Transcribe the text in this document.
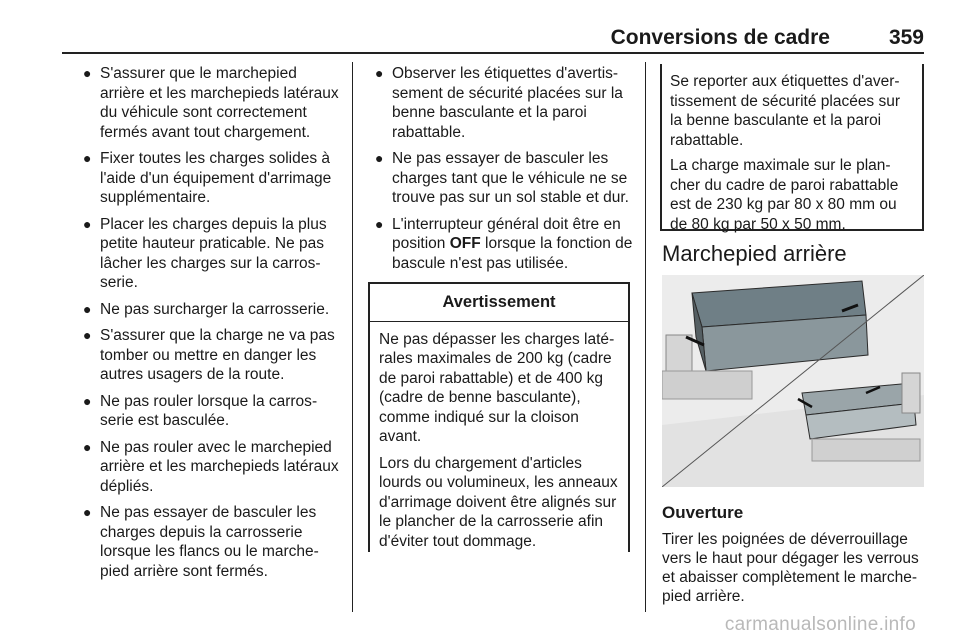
Conversions de cadre	359
● S'assurer que le marchepied arrière et les marchepieds latéraux du véhicule sont correctement fermés avant tout chargement.
● Fixer toutes les charges solides à l'aide d'un équipement d'arrimage supplémentaire.
● Placer les charges depuis la plus petite hauteur praticable. Ne pas lâcher les charges sur la carrosserie.
● Ne pas surcharger la carrosserie.
● S'assurer que la charge ne va pas tomber ou mettre en danger les autres usagers de la route.
● Ne pas rouler lorsque la carrosserie est basculée.
● Ne pas rouler avec le marchepied arrière et les marchepieds latéraux dépliés.
● Ne pas essayer de basculer les charges depuis la carrosserie lorsque les flancs ou le marchepied arrière sont fermés.
● Observer les étiquettes d'avertissement de sécurité placées sur la benne basculante et la paroi rabattable.
● Ne pas essayer de basculer les charges tant que le véhicule ne se trouve pas sur un sol stable et dur.
● L'interrupteur général doit être en position OFF lorsque la fonction de bascule n'est pas utilisée.
Avertissement

Ne pas dépasser les charges latérales maximales de 200 kg (cadre de paroi rabattable) et de 400 kg (cadre de benne basculante), comme indiqué sur la cloison avant.

Lors du chargement d'articles lourds ou volumineux, les anneaux d'arrimage doivent être alignés sur le plancher de la carrosserie afin d'éviter tout dommage.

Se reporter aux étiquettes d'avertissement de sécurité placées sur la benne basculante et la paroi rabattable.

La charge maximale sur le plancher du cadre de paroi rabattable est de 230 kg par 80 x 80 mm ou de 80 kg par 50 x 50 mm.

Marchepied arrière
Ouverture
Tirer les poignées de déverrouillage vers le haut pour dégager les verrous et abaisser complètement le marchepied arrière.
carmanualsonline.info
